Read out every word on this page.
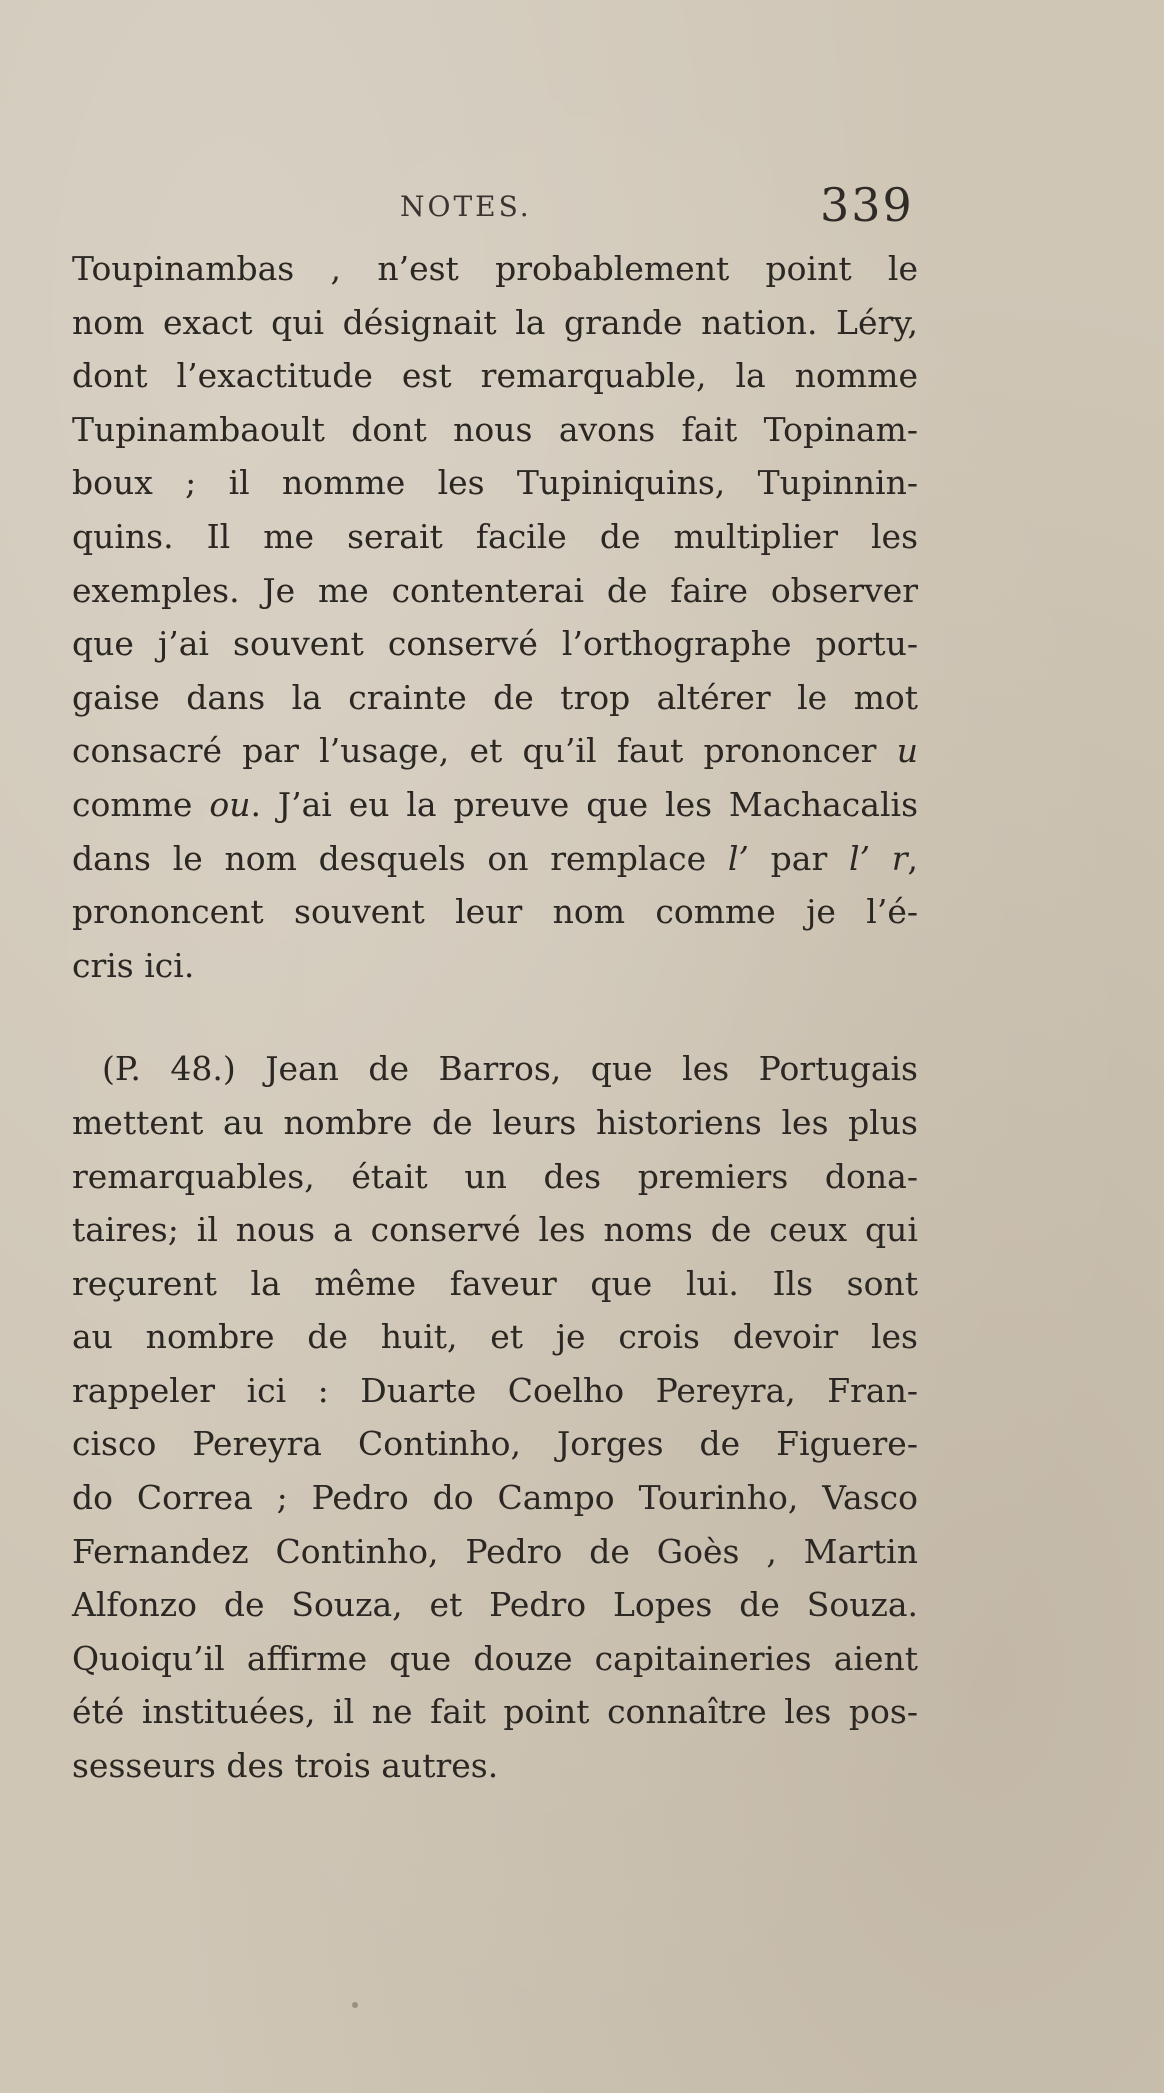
NOTES.	339
Toupinambas , n’est probablement point le
nom exact qui désignait la grande nation. Léry,
dont l’exactitude est remarquable, la nomme
Tupinambaoult dont nous avons fait Topinam-
boux ; il nomme les Tupiniquins, Tupinnin-
quins. Il me serait facile de multiplier les
exemples. Je me contenterai de faire observer
que j’ai souvent conservé l’orthographe portu-
gaise dans la crainte de trop altérer le mot
consacré par l’usage, et qu’il faut prononcer u
comme ou. J’ai eu la preuve que les Machacalis
dans le nom desquels on remplace l’ par l’ r,
prononcent souvent leur nom comme je l’é-
cris ici.
(P. 48.) Jean de Barros, que les Portugais
mettent au nombre de leurs historiens les plus
remarquables, était un des premiers dona-
taires; il nous a conservé les noms de ceux qui
reçurent la même faveur que lui. Ils sont
au nombre de huit, et je crois devoir les
rappeler ici : Duarte Coelho Pereyra, Fran-
cisco Pereyra Continho, Jorges de Figuere-
do Correa ; Pedro do Campo Tourinho, Vasco
Fernandez Continho, Pedro de Goès , Martin
Alfonzo de Souza, et Pedro Lopes de Souza.
Quoiqu’il affirme que douze capitaineries aient
été instituées, il ne fait point connaître les pos-
sesseurs des trois autres.
